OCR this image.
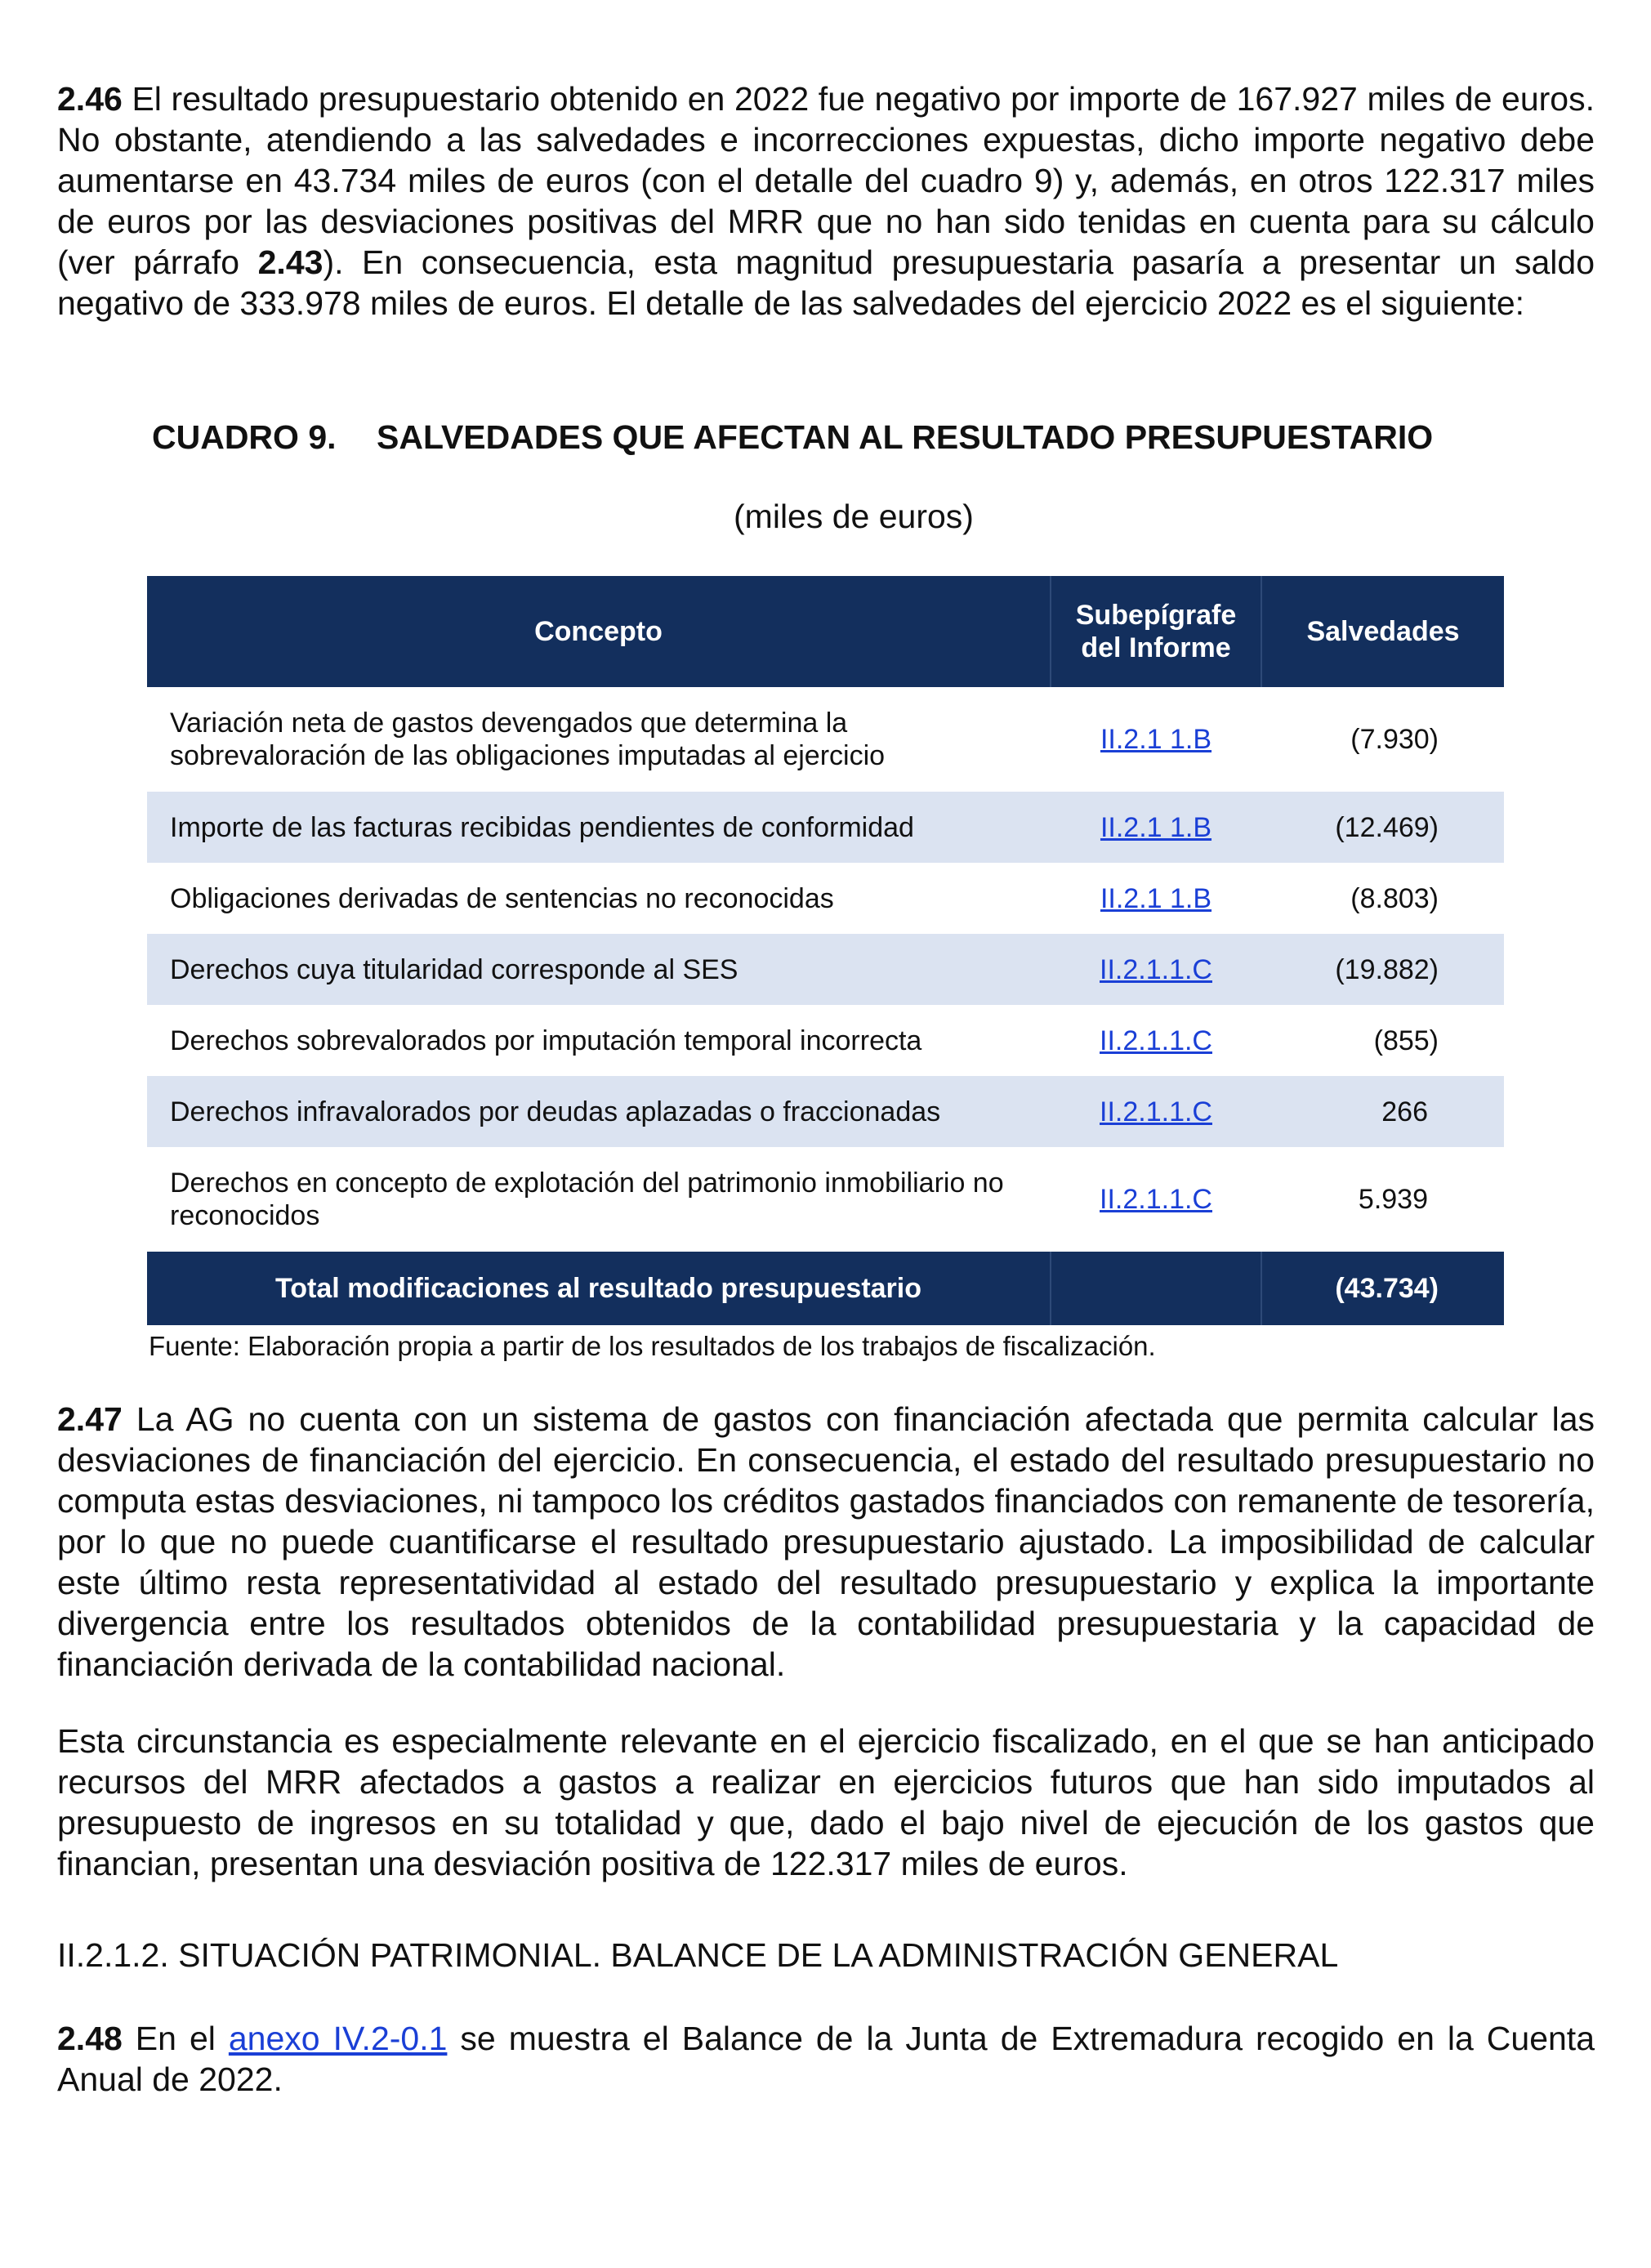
2.46 El resultado presupuestario obtenido en 2022 fue negativo por importe de 167.927 miles de euros. No obstante, atendiendo a las salvedades e incorrecciones expuestas, dicho importe negativo debe aumentarse en 43.734 miles de euros (con el detalle del cuadro 9) y, además, en otros 122.317 miles de euros por las desviaciones positivas del MRR que no han sido tenidas en cuenta para su cálculo (ver párrafo 2.43). En consecuencia, esta magnitud presupuestaria pasaría a presentar un saldo negativo de 333.978 miles de euros. El detalle de las salvedades del ejercicio 2022 es el siguiente:

CUADRO 9. SALVEDADES QUE AFECTAN AL RESULTADO PRESUPUESTARIO

(miles de euros)

Concepto	Subepígrafe del Informe	Salvedades
Variación neta de gastos devengados que determina la sobrevaloración de las obligaciones imputadas al ejercicio	II.2.1 1.B	(7.930)
Importe de las facturas recibidas pendientes de conformidad	II.2.1 1.B	(12.469)
Obligaciones derivadas de sentencias no reconocidas	II.2.1 1.B	(8.803)
Derechos cuya titularidad corresponde al SES	II.2.1.1.C	(19.882)
Derechos sobrevalorados por imputación temporal incorrecta	II.2.1.1.C	(855)
Derechos infravalorados por deudas aplazadas o fraccionadas	II.2.1.1.C	266
Derechos en concepto de explotación del patrimonio inmobiliario no reconocidos	II.2.1.1.C	5.939
Total modificaciones al resultado presupuestario		(43.734)

Fuente: Elaboración propia a partir de los resultados de los trabajos de fiscalización.

2.47 La AG no cuenta con un sistema de gastos con financiación afectada que permita calcular las desviaciones de financiación del ejercicio. En consecuencia, el estado del resultado presupuestario no computa estas desviaciones, ni tampoco los créditos gastados financiados con remanente de tesorería, por lo que no puede cuantificarse el resultado presupuestario ajustado. La imposibilidad de calcular este último resta representatividad al estado del resultado presupuestario y explica la importante divergencia entre los resultados obtenidos de la contabilidad presupuestaria y la capacidad de financiación derivada de la contabilidad nacional.

Esta circunstancia es especialmente relevante en el ejercicio fiscalizado, en el que se han anticipado recursos del MRR afectados a gastos a realizar en ejercicios futuros que han sido imputados al presupuesto de ingresos en su totalidad y que, dado el bajo nivel de ejecución de los gastos que financian, presentan una desviación positiva de 122.317 miles de euros.

II.2.1.2. SITUACIÓN PATRIMONIAL. BALANCE DE LA ADMINISTRACIÓN GENERAL

2.48 En el anexo IV.2-0.1 se muestra el Balance de la Junta de Extremadura recogido en la Cuenta Anual de 2022.
